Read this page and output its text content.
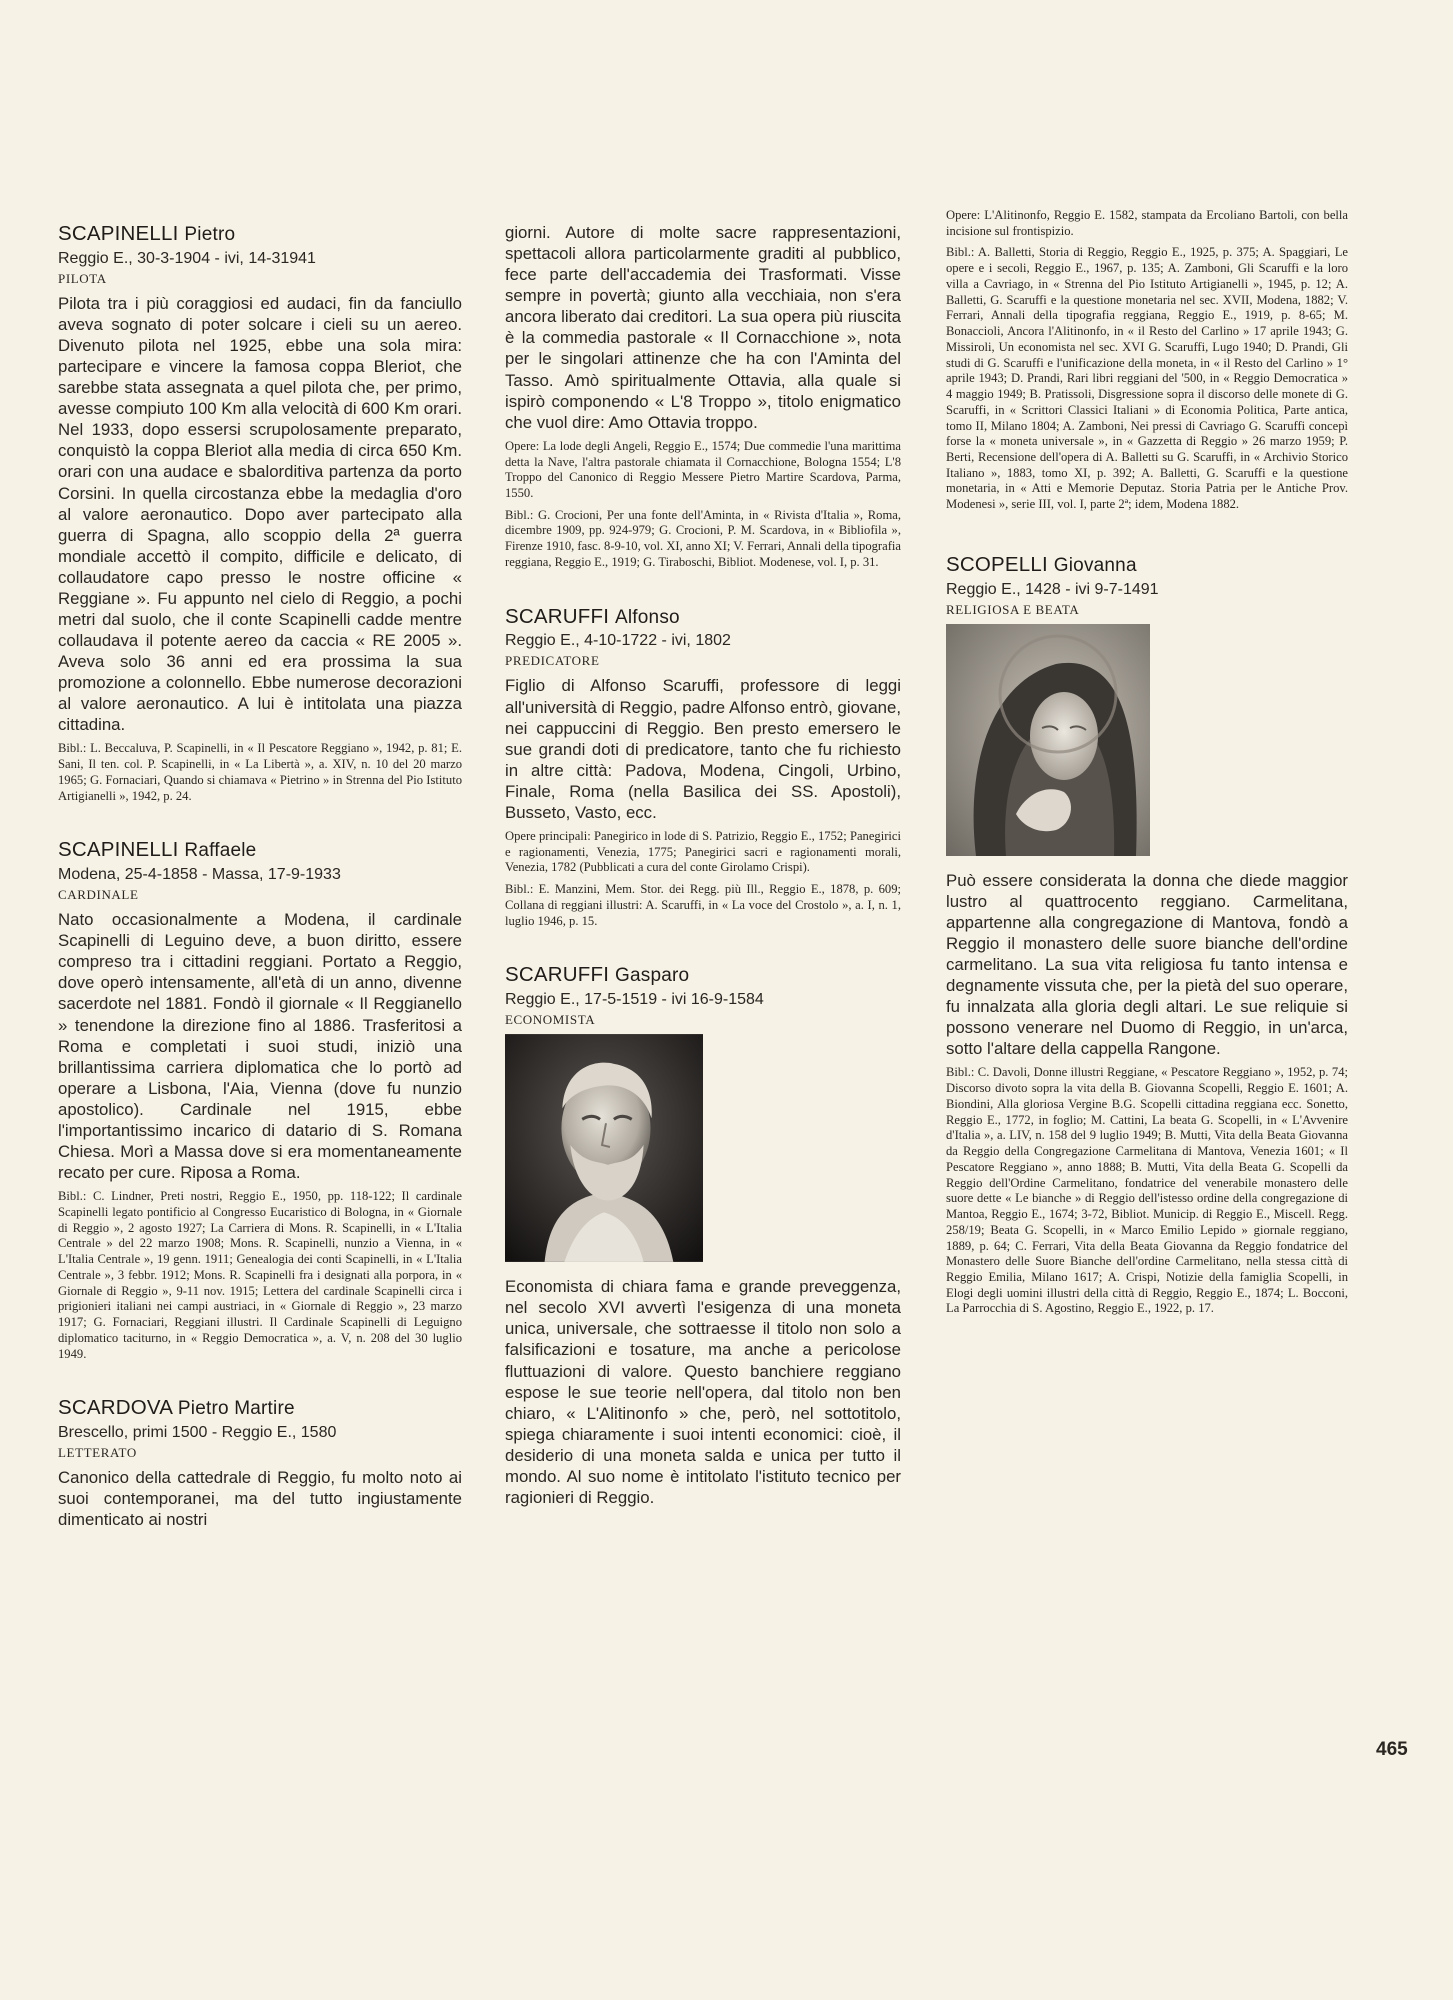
SCAPINELLI Pietro

Reggio E., 30-3-1904 - ivi, 14-31941

PILOTA

Pilota tra i più coraggiosi ed audaci, fin da fanciullo aveva sognato di poter solcare i cieli su un aereo. Divenuto pilota nel 1925, ebbe una sola mira: partecipare e vincere la famosa coppa Bleriot, che sarebbe stata assegnata a quel pilota che, per primo, avesse compiuto 100 Km alla velocità di 600 Km orari. Nel 1933, dopo essersi scrupolosamente preparato, conquistò la coppa Bleriot alla media di circa 650 Km. orari con una audace e sbalorditiva partenza da porto Corsini. In quella circostanza ebbe la medaglia d'oro al valore aeronautico. Dopo aver partecipato alla guerra di Spagna, allo scoppio della 2ª guerra mondiale accettò il compito, difficile e delicato, di collaudatore capo presso le nostre officine « Reggiane ». Fu appunto nel cielo di Reggio, a pochi metri dal suolo, che il conte Scapinelli cadde mentre collaudava il potente aereo da caccia « RE 2005 ». Aveva solo 36 anni ed era prossima la sua promozione a colonnello. Ebbe numerose decorazioni al valore aeronautico. A lui è intitolata una piazza cittadina.

Bibl.: L. Beccaluva, P. Scapinelli, in « Il Pescatore Reggiano », 1942, p. 81; E. Sani, Il ten. col. P. Scapinelli, in « La Libertà », a. XIV, n. 10 del 20 marzo 1965; G. Fornaciari, Quando si chiamava « Pietrino » in Strenna del Pio Istituto Artigianelli », 1942, p. 24.

SCAPINELLI Raffaele

Modena, 25-4-1858 - Massa, 17-9-1933

CARDINALE

Nato occasionalmente a Modena, il cardinale Scapinelli di Leguino deve, a buon diritto, essere compreso tra i cittadini reggiani. Portato a Reggio, dove operò intensamente, all'età di un anno, divenne sacerdote nel 1881. Fondò il giornale « Il Reggianello » tenendone la direzione fino al 1886. Trasferitosi a Roma e completati i suoi studi, iniziò una brillantissima carriera diplomatica che lo portò ad operare a Lisbona, l'Aia, Vienna (dove fu nunzio apostolico). Cardinale nel 1915, ebbe l'importantissimo incarico di datario di S. Romana Chiesa. Morì a Massa dove si era momentaneamente recato per cure. Riposa a Roma.

Bibl.: C. Lindner, Preti nostri, Reggio E., 1950, pp. 118-122; Il cardinale Scapinelli legato pontificio al Congresso Eucaristico di Bologna, in « Giornale di Reggio », 2 agosto 1927; La Carriera di Mons. R. Scapinelli, in « L'Italia Centrale » del 22 marzo 1908; Mons. R. Scapinelli, nunzio a Vienna, in « L'Italia Centrale », 19 genn. 1911; Genealogia dei conti Scapinelli, in « L'Italia Centrale », 3 febbr. 1912; Mons. R. Scapinelli fra i designati alla porpora, in « Giornale di Reggio », 9-11 nov. 1915; Lettera del cardinale Scapinelli circa i prigionieri italiani nei campi austriaci, in « Giornale di Reggio », 23 marzo 1917; G. Fornaciari, Reggiani illustri. Il Cardinale Scapinelli di Leguigno diplomatico taciturno, in « Reggio Democratica », a. V, n. 208 del 30 luglio 1949.

SCARDOVA Pietro Martire

Brescello, primi 1500 - Reggio E., 1580

LETTERATO

Canonico della cattedrale di Reggio, fu molto noto ai suoi contemporanei, ma del tutto ingiustamente dimenticato ai nostri

giorni. Autore di molte sacre rappresentazioni, spettacoli allora particolarmente graditi al pubblico, fece parte dell'accademia dei Trasformati. Visse sempre in povertà; giunto alla vecchiaia, non s'era ancora liberato dai creditori. La sua opera più riuscita è la commedia pastorale « Il Cornacchione », nota per le singolari attinenze che ha con l'Aminta del Tasso. Amò spiritualmente Ottavia, alla quale si ispirò componendo « L'8 Troppo », titolo enigmatico che vuol dire: Amo Ottavia troppo.

Opere: La lode degli Angeli, Reggio E., 1574; Due commedie l'una marittima detta la Nave, l'altra pastorale chiamata il Cornacchione, Bologna 1554; L'8 Troppo del Canonico di Reggio Messere Pietro Martire Scardova, Parma, 1550.

Bibl.: G. Crocioni, Per una fonte dell'Aminta, in « Rivista d'Italia », Roma, dicembre 1909, pp. 924-979; G. Crocioni, P. M. Scardova, in « Bibliofila », Firenze 1910, fasc. 8-9-10, vol. XI, anno XI; V. Ferrari, Annali della tipografia reggiana, Reggio E., 1919; G. Tiraboschi, Bibliot. Modenese, vol. I, p. 31.

SCARUFFI Alfonso

Reggio E., 4-10-1722 - ivi, 1802

PREDICATORE

Figlio di Alfonso Scaruffi, professore di leggi all'università di Reggio, padre Alfonso entrò, giovane, nei cappuccini di Reggio. Ben presto emersero le sue grandi doti di predicatore, tanto che fu richiesto in altre città: Padova, Modena, Cingoli, Urbino, Finale, Roma (nella Basilica dei SS. Apostoli), Busseto, Vasto, ecc.

Opere principali: Panegirico in lode di S. Patrizio, Reggio E., 1752; Panegirici e ragionamenti, Venezia, 1775; Panegirici sacri e ragionamenti morali, Venezia, 1782 (Pubblicati a cura del conte Girolamo Crispi).

Bibl.: E. Manzini, Mem. Stor. dei Regg. più Ill., Reggio E., 1878, p. 609; Collana di reggiani illustri: A. Scaruffi, in « La voce del Crostolo », a. I, n. 1, luglio 1946, p. 15.

SCARUFFI Gasparo

Reggio E., 17-5-1519 - ivi 16-9-1584

ECONOMISTA

Economista di chiara fama e grande preveggenza, nel secolo XVI avvertì l'esigenza di una moneta unica, universale, che sottraesse il titolo non solo a falsificazioni e tosature, ma anche a pericolose fluttuazioni di valore. Questo banchiere reggiano espose le sue teorie nell'opera, dal titolo non ben chiaro, « L'Alitinonfo » che, però, nel sottotitolo, spiega chiaramente i suoi intenti economici: cioè, il desiderio di una moneta salda e unica per tutto il mondo. Al suo nome è intitolato l'istituto tecnico per ragionieri di Reggio.

Opere: L'Alitinonfo, Reggio E. 1582, stampata da Ercoliano Bartoli, con bella incisione sul frontispizio.

Bibl.: A. Balletti, Storia di Reggio, Reggio E., 1925, p. 375; A. Spaggiari, Le opere e i secoli, Reggio E., 1967, p. 135; A. Zamboni, Gli Scaruffi e la loro villa a Cavriago, in « Strenna del Pio Istituto Artigianelli », 1945, p. 12; A. Balletti, G. Scaruffi e la questione monetaria nel sec. XVII, Modena, 1882; V. Ferrari, Annali della tipografia reggiana, Reggio E., 1919, p. 8-65; M. Bonaccioli, Ancora l'Alitinonfo, in « il Resto del Carlino » 17 aprile 1943; G. Missiroli, Un economista nel sec. XVI G. Scaruffi, Lugo 1940; D. Prandi, Gli studi di G. Scaruffi e l'unificazione della moneta, in « il Resto del Carlino » 1° aprile 1943; D. Prandi, Rari libri reggiani del '500, in « Reggio Democratica » 4 maggio 1949; B. Pratissoli, Disgressione sopra il discorso delle monete di G. Scaruffi, in « Scrittori Classici Italiani » di Economia Politica, Parte antica, tomo II, Milano 1804; A. Zamboni, Nei pressi di Cavriago G. Scaruffi concepì forse la « moneta universale », in « Gazzetta di Reggio » 26 marzo 1959; P. Berti, Recensione dell'opera di A. Balletti su G. Scaruffi, in « Archivio Storico Italiano », 1883, tomo XI, p. 392; A. Balletti, G. Scaruffi e la questione monetaria, in « Atti e Memorie Deputaz. Storia Patria per le Antiche Prov. Modenesi », serie III, vol. I, parte 2ª; idem, Modena 1882.

SCOPELLI Giovanna

Reggio E., 1428 - ivi 9-7-1491

RELIGIOSA E BEATA

Può essere considerata la donna che diede maggior lustro al quattrocento reggiano. Carmelitana, appartenne alla congregazione di Mantova, fondò a Reggio il monastero delle suore bianche dell'ordine carmelitano. La sua vita religiosa fu tanto intensa e degnamente vissuta che, per la pietà del suo operare, fu innalzata alla gloria degli altari. Le sue reliquie si possono venerare nel Duomo di Reggio, in un'arca, sotto l'altare della cappella Rangone.

Bibl.: C. Davoli, Donne illustri Reggiane, « Pescatore Reggiano », 1952, p. 74; Discorso divoto sopra la vita della B. Giovanna Scopelli, Reggio E. 1601; A. Biondini, Alla gloriosa Vergine B.G. Scopelli cittadina reggiana ecc. Sonetto, Reggio E., 1772, in foglio; M. Cattini, La beata G. Scopelli, in « L'Avvenire d'Italia », a. LIV, n. 158 del 9 luglio 1949; B. Mutti, Vita della Beata Giovanna da Reggio della Congregazione Carmelitana di Mantova, Venezia 1601; « Il Pescatore Reggiano », anno 1888; B. Mutti, Vita della Beata G. Scopelli da Reggio dell'Ordine Carmelitano, fondatrice del venerabile monastero delle suore dette « Le bianche » di Reggio dell'istesso ordine della congregazione di Mantoa, Reggio E., 1674; 3-72, Bibliot. Municip. di Reggio E., Miscell. Regg. 258/19; Beata G. Scopelli, in « Marco Emilio Lepido » giornale reggiano, 1889, p. 64; C. Ferrari, Vita della Beata Giovanna da Reggio fondatrice del Monastero delle Suore Bianche dell'ordine Carmelitano, nella stessa città di Reggio Emilia, Milano 1617; A. Crispi, Notizie della famiglia Scopelli, in Elogi degli uomini illustri della città di Reggio, Reggio E., 1874; L. Bocconi, La Parrocchia di S. Agostino, Reggio E., 1922, p. 17.

465
